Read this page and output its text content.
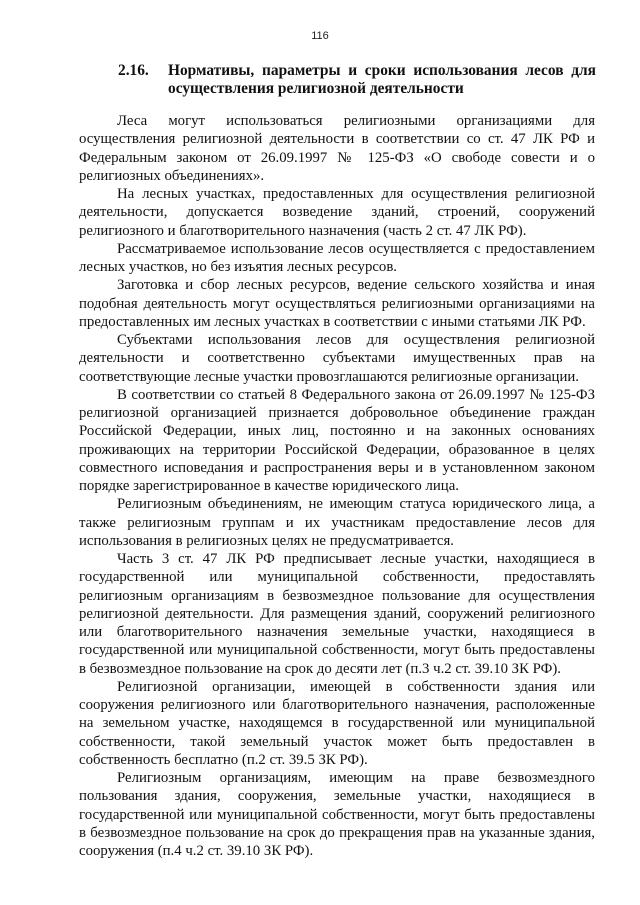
116
2.16. Нормативы, параметры и сроки использования лесов для осуществления религиозной деятельности

Леса могут использоваться религиозными организациями для осуществления религиозной деятельности в соответствии со ст. 47 ЛК РФ и Федеральным законом от 26.09.1997 № 125-ФЗ «О свободе совести и о религиозных объединениях».

На лесных участках, предоставленных для осуществления религиозной деятельности, допускается возведение зданий, строений, сооружений религиозного и благотворительного назначения (часть 2 ст. 47 ЛК РФ).

Рассматриваемое использование лесов осуществляется с предоставлением лесных участков, но без изъятия лесных ресурсов.

Заготовка и сбор лесных ресурсов, ведение сельского хозяйства и иная подобная деятельность могут осуществляться религиозными организациями на предоставленных им лесных участках в соответствии с иными статьями ЛК РФ.

Субъектами использования лесов для осуществления религиозной деятельности и соответственно субъектами имущественных прав на соответствующие лесные участки провозглашаются религиозные организации.

В соответствии со статьей 8 Федерального закона от 26.09.1997 № 125-ФЗ религиозной организацией признается добровольное объединение граждан Российской Федерации, иных лиц, постоянно и на законных основаниях проживающих на территории Российской Федерации, образованное в целях совместного исповедания и распространения веры и в установленном законом порядке зарегистрированное в качестве юридического лица.

Религиозным объединениям, не имеющим статуса юридического лица, а также религиозным группам и их участникам предоставление лесов для использования в религиозных целях не предусматривается.

Часть 3 ст. 47 ЛК РФ предписывает лесные участки, находящиеся в государственной или муниципальной собственности, предоставлять религиозным организациям в безвозмездное пользование для осуществления религиозной деятельности. Для размещения зданий, сооружений религиозного или благотворительного назначения земельные участки, находящиеся в государственной или муниципальной собственности, могут быть предоставлены в безвозмездное пользование на срок до десяти лет (п.3 ч.2 ст. 39.10 ЗК РФ).

Религиозной организации, имеющей в собственности здания или сооружения религиозного или благотворительного назначения, расположенные на земельном участке, находящемся в государственной или муниципальной собственности, такой земельный участок может быть предоставлен в собственность бесплатно (п.2 ст. 39.5 ЗК РФ).

Религиозным организациям, имеющим на праве безвозмездного пользования здания, сооружения, земельные участки, находящиеся в государственной или муниципальной собственности, могут быть предоставлены в безвозмездное пользование на срок до прекращения прав на указанные здания, сооружения (п.4 ч.2 ст. 39.10 ЗК РФ).
